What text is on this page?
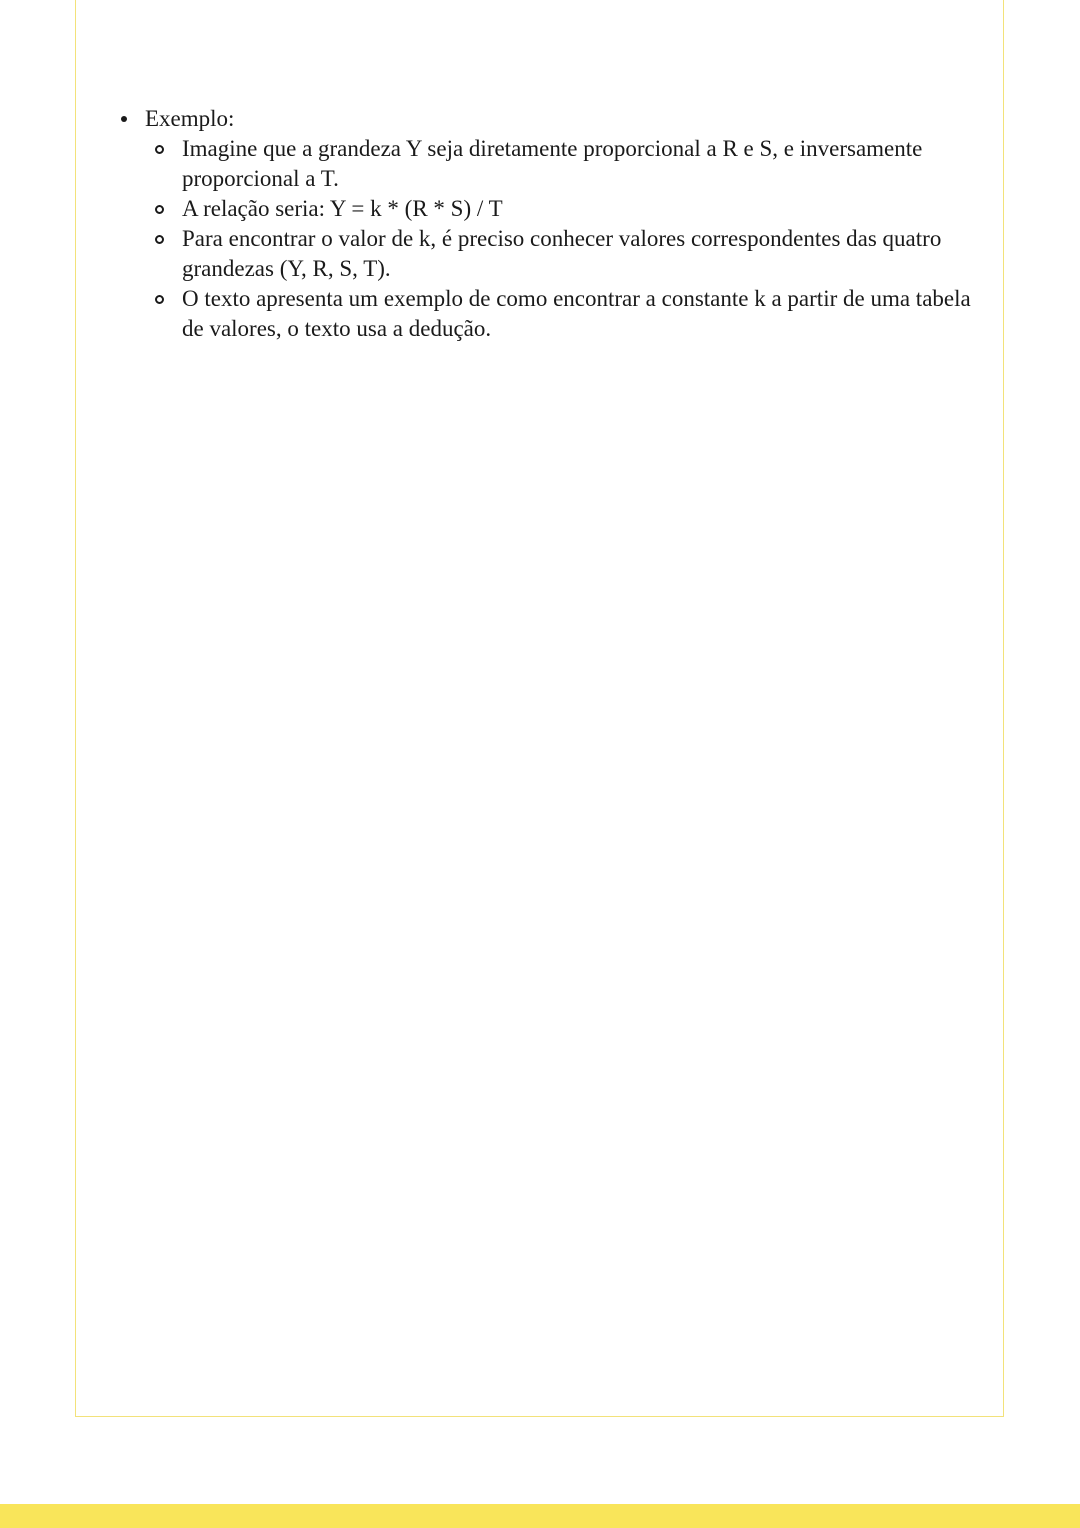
Exemplo:
Imagine que a grandeza Y seja diretamente proporcional a R e S, e inversamente proporcional a T.
A relação seria: Y = k * (R * S) / T
Para encontrar o valor de k, é preciso conhecer valores correspondentes das quatro grandezas (Y, R, S, T).
O texto apresenta um exemplo de como encontrar a constante k a partir de uma tabela de valores, o texto usa a dedução.
